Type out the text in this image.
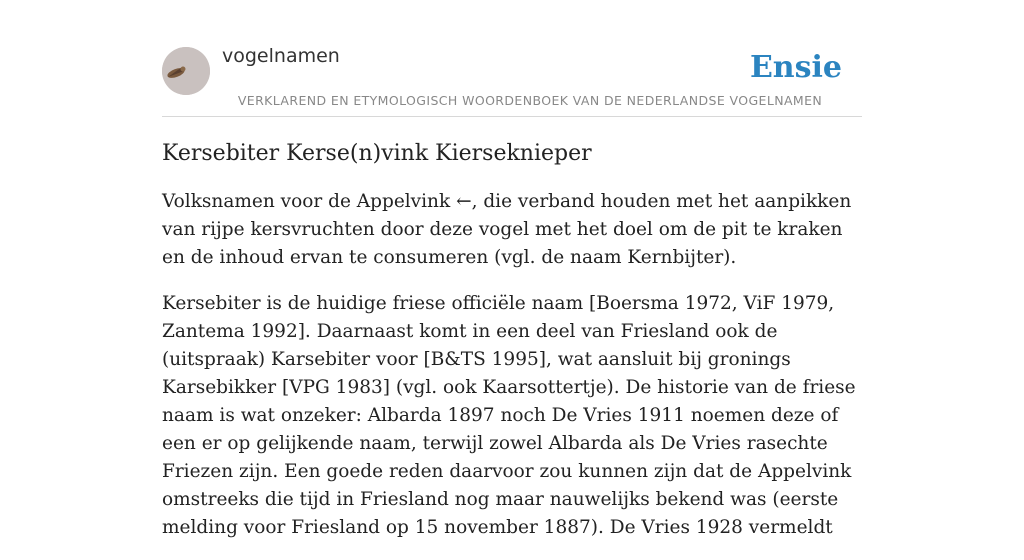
vogelnamen
VERKLAREND EN ETYMOLOGISCH WOORDENBOEK VAN DE NEDERLANDSE VOGELNAMEN
Ensie
Kersebiter Kerse(n)vink Kierseknieper

Volksnamen voor de Appelvink ←, die verband houden met het aanpikken van rijpe kersvruchten door deze vogel met het doel om de pit te kraken en de inhoud ervan te consumeren (vgl. de naam Kernbijter).

Kersebiter is de huidige friese officiële naam [Boersma 1972, ViF 1979, Zantema 1992]. Daarnaast komt in een deel van Friesland ook de (uitspraak) Karsebiter voor [B&TS 1995], wat aansluit bij gronings Karsebikker [VPG 1983] (vgl. ook Kaarsottertje). De historie van de friese naam is wat onzeker: Albarda 1897 noch De Vries 1911 noemen deze of een er op gelijkende naam, terwijl zowel Albarda als De Vries rasechte Friezen zijn. Een goede reden daarvoor zou kunnen zijn dat de Appelvink omstreeks die tijd in Friesland nog maar nauwelijks bekend was (eerste melding voor Friesland op 15 november 1887). De Vries 1928 vermeldt
